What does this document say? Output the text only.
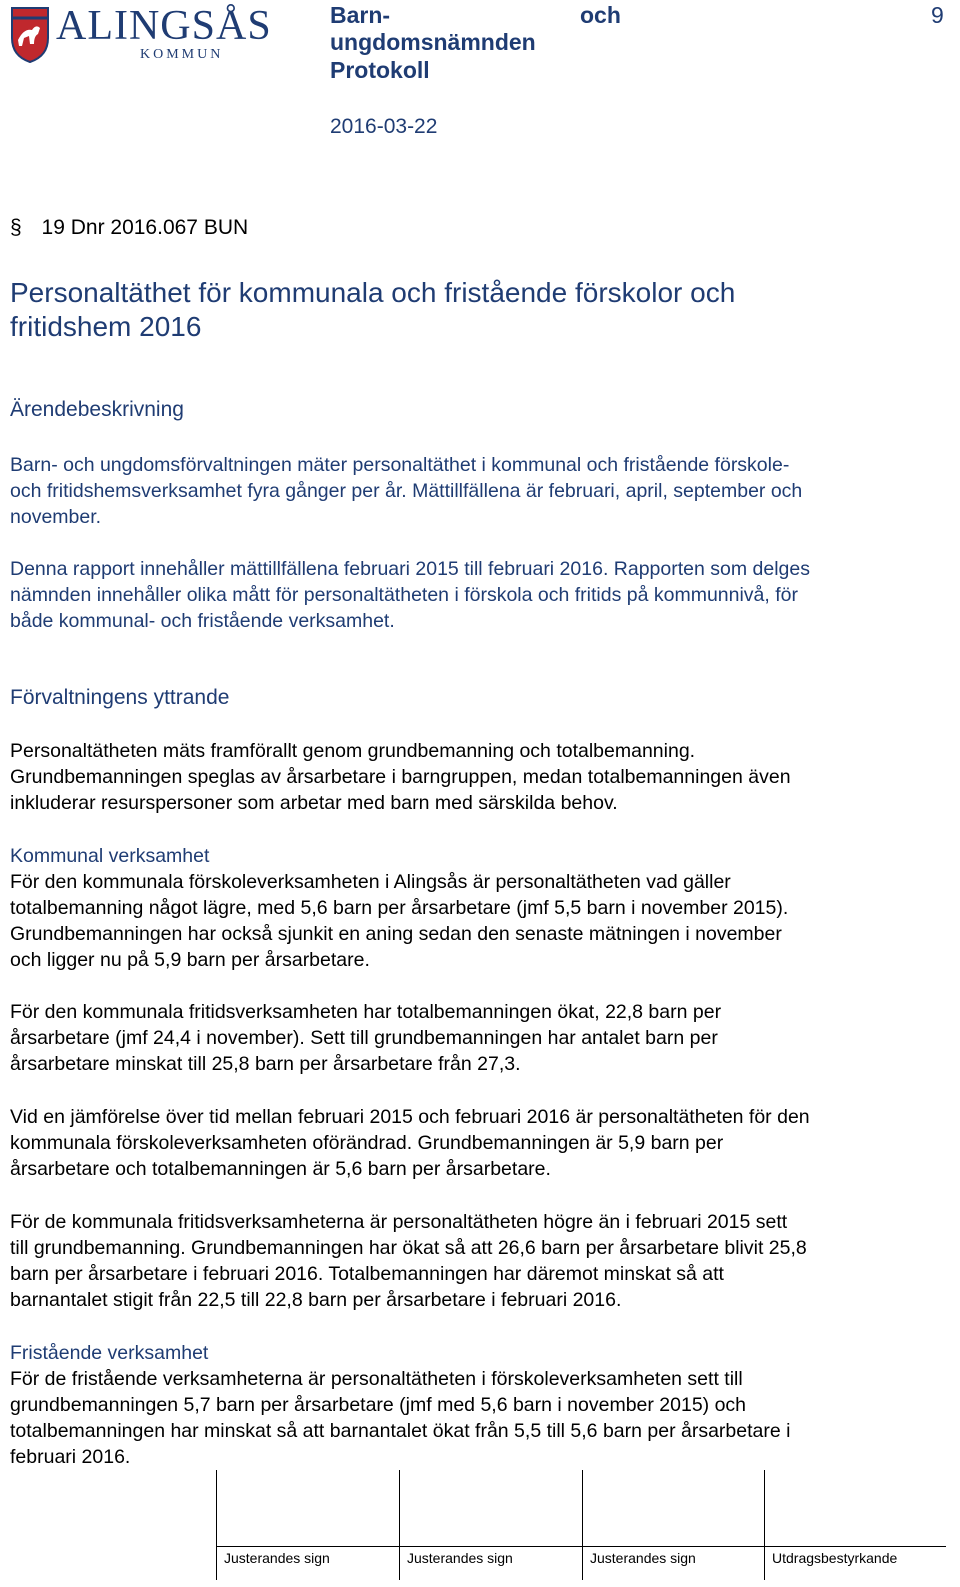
ALINGSÅS
KOMMUN
Barn-	och
ungdomsnämnden
Protokoll
2016-03-22
9
§ 19 Dnr 2016.067 BUN
Personaltäthet för kommunala och fristående förskolor och
fritidshem 2016
Ärendebeskrivning
Barn- och ungdomsförvaltningen mäter personaltäthet i kommunal och fristående förskole-
och fritidshemsverksamhet fyra gånger per år. Mättillfällena är februari, april, september och
november.
Denna rapport innehåller mättillfällena februari 2015 till februari 2016. Rapporten som delges
nämnden innehåller olika mått för personaltätheten i förskola och fritids på kommunnivå, för
både kommunal- och fristående verksamhet.
Förvaltningens yttrande
Personaltätheten mäts framförallt genom grundbemanning och totalbemanning.
Grundbemanningen speglas av årsarbetare i barngruppen, medan totalbemanningen även
inkluderar resurspersoner som arbetar med barn med särskilda behov.
Kommunal verksamhet
För den kommunala förskoleverksamheten i Alingsås är personaltätheten vad gäller
totalbemanning något lägre, med 5,6 barn per årsarbetare (jmf 5,5 barn i november 2015).
Grundbemanningen har också sjunkit en aning sedan den senaste mätningen i november
och ligger nu på 5,9 barn per årsarbetare.
För den kommunala fritidsverksamheten har totalbemanningen ökat, 22,8 barn per
årsarbetare (jmf 24,4 i november). Sett till grundbemanningen har antalet barn per
årsarbetare minskat till 25,8 barn per årsarbetare från 27,3.
Vid en jämförelse över tid mellan februari 2015 och februari 2016 är personaltätheten för den
kommunala förskoleverksamheten oförändrad. Grundbemanningen är 5,9 barn per
årsarbetare och totalbemanningen är 5,6 barn per årsarbetare.
För de kommunala fritidsverksamheterna är personaltätheten högre än i februari 2015 sett
till grundbemanning. Grundbemanningen har ökat så att 26,6 barn per årsarbetare blivit 25,8
barn per årsarbetare i februari 2016. Totalbemanningen har däremot minskat så att
barnantalet stigit från 22,5 till 22,8 barn per årsarbetare i februari 2016.
Fristående verksamhet
För de fristående verksamheterna är personaltätheten i förskoleverksamheten sett till
grundbemanningen 5,7 barn per årsarbetare (jmf med 5,6 barn i november 2015) och
totalbemanningen har minskat så att barnantalet ökat från 5,5 till 5,6 barn per årsarbetare i
februari 2016.
Justerandes sign	Justerandes sign	Justerandes sign	Utdragsbestyrkande
